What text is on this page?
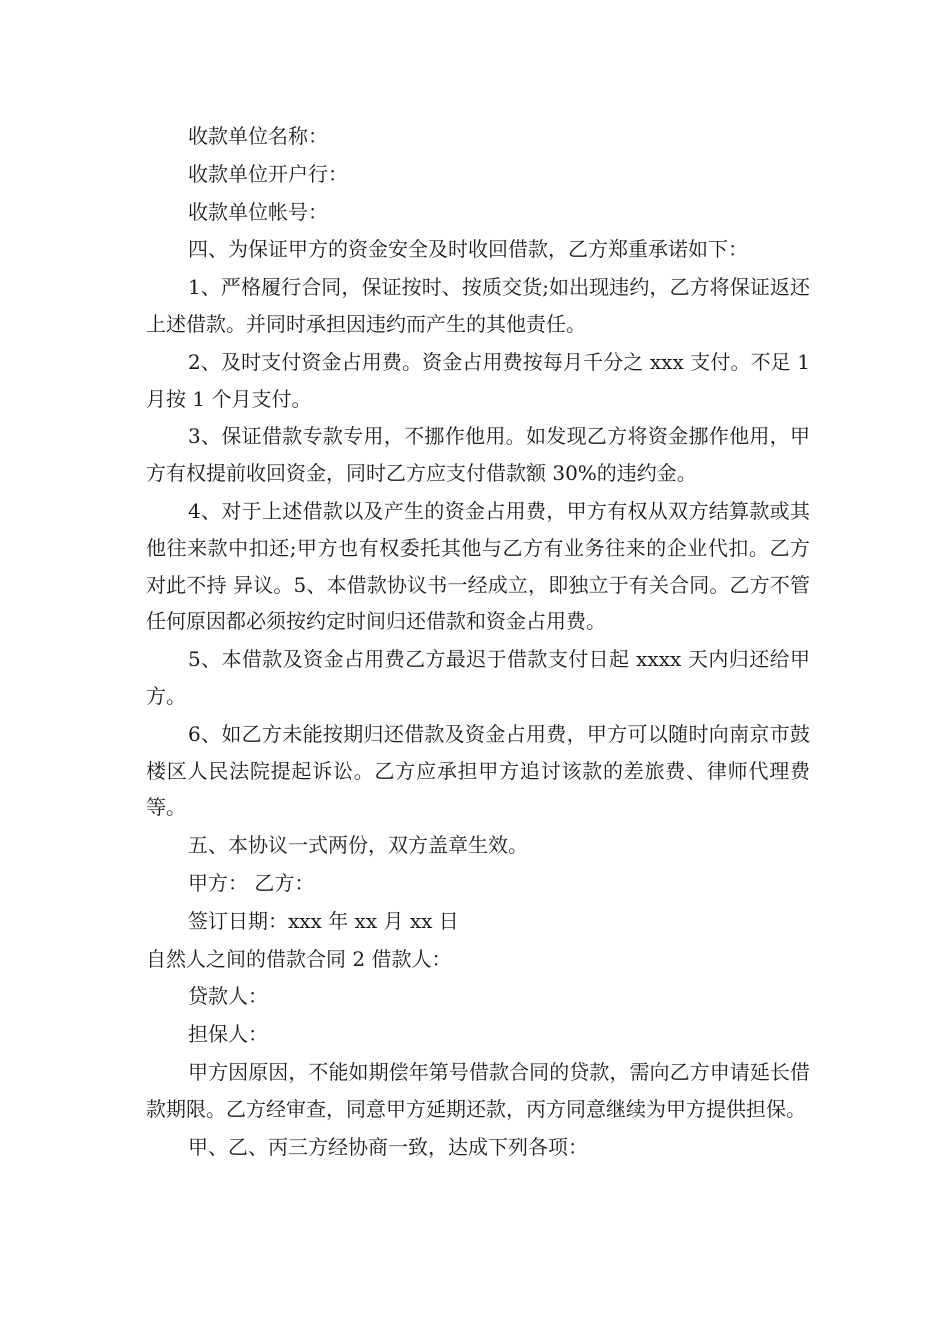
收款单位名称：

收款单位开户行：

收款单位帐号：

四、为保证甲方的资金安全及时收回借款，乙方郑重承诺如下：

1、严格履行合同，保证按时、按质交货;如出现违约，乙方将保证返还上述借款。并同时承担因违约而产生的其他责任。

2、及时支付资金占用费。资金占用费按每月千分之 xxx 支付。不足 1 月按 1 个月支付。

3、保证借款专款专用，不挪作他用。如发现乙方将资金挪作他用，甲方有权提前收回资金，同时乙方应支付借款额 30%的违约金。

4、对于上述借款以及产生的资金占用费，甲方有权从双方结算款或其他往来款中扣还;甲方也有权委托其他与乙方有业务往来的企业代扣。乙方对此不持 异议。5、本借款协议书一经成立，即独立于有关合同。乙方不管任何原因都必须按约定时间归还借款和资金占用费。

5、本借款及资金占用费乙方最迟于借款支付日起 xxxx 天内归还给甲方。

6、如乙方未能按期归还借款及资金占用费，甲方可以随时向南京市鼓楼区人民法院提起诉讼。乙方应承担甲方追讨该款的差旅费、律师代理费等。

五、本协议一式两份，双方盖章生效。

甲方： 乙方：

签订日期：xxx 年 xx 月 xx 日

自然人之间的借款合同 2 借款人：

贷款人：

担保人：

甲方因原因，不能如期偿年第号借款合同的贷款，需向乙方申请延长借款期限。乙方经审查，同意甲方延期还款，丙方同意继续为甲方提供担保。

甲、乙、丙三方经协商一致，达成下列各项：
